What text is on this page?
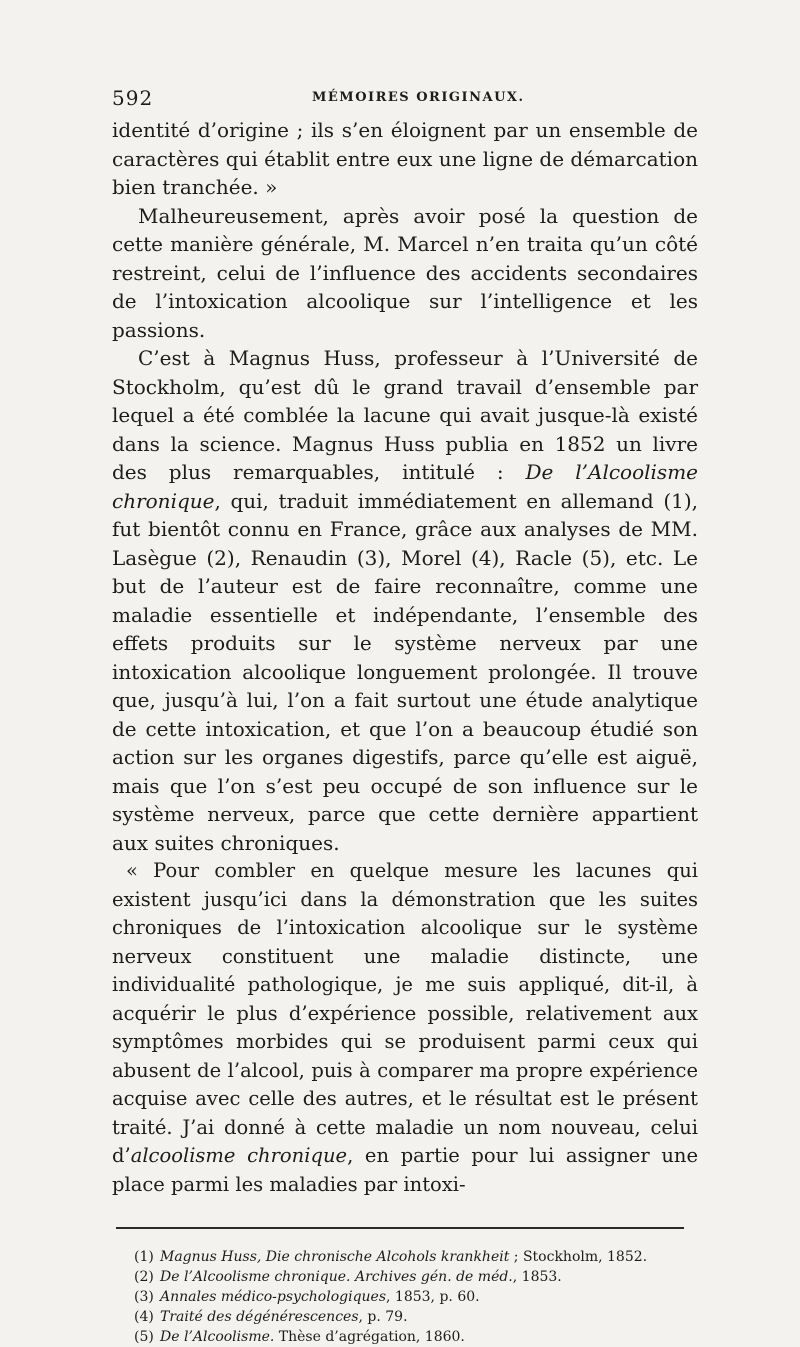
592	MÉMOIRES ORIGINAUX.

identité d’origine ; ils s’en éloignent par un ensemble de caractères qui établit entre eux une ligne de démarcation bien tranchée. »

Malheureusement, après avoir posé la question de cette manière générale, M. Marcel n’en traita qu’un côté restreint, celui de l’influence des accidents secondaires de l’intoxication alcoolique sur l’intelligence et les passions.

C’est à Magnus Huss, professeur à l’Université de Stockholm, qu’est dû le grand travail d’ensemble par lequel a été comblée la lacune qui avait jusque-là existé dans la science. Magnus Huss publia en 1852 un livre des plus remarquables, intitulé : De l’Alcoolisme chronique, qui, traduit immédiatement en allemand (1), fut bientôt connu en France, grâce aux analyses de MM. Lasègue (2), Renaudin (3), Morel (4), Racle (5), etc. Le but de l’auteur est de faire reconnaître, comme une maladie essentielle et indépendante, l’ensemble des effets produits sur le système nerveux par une intoxication alcoolique longuement prolongée. Il trouve que, jusqu’à lui, l’on a fait surtout une étude analytique de cette intoxication, et que l’on a beaucoup étudié son action sur les organes digestifs, parce qu’elle est aiguë, mais que l’on s’est peu occupé de son influence sur le système nerveux, parce que cette dernière appartient aux suites chroniques.

« Pour combler en quelque mesure les lacunes qui existent jusqu’ici dans la démonstration que les suites chroniques de l’intoxication alcoolique sur le système nerveux constituent une maladie distincte, une individualité pathologique, je me suis appliqué, dit-il, à acquérir le plus d’expérience possible, relativement aux symptômes morbides qui se produisent parmi ceux qui abusent de l’alcool, puis à comparer ma propre expérience acquise avec celle des autres, et le résultat est le présent traité. J’ai donné à cette maladie un nom nouveau, celui d’alcoolisme chronique, en partie pour lui assigner une place parmi les maladies par intoxi-

(1) Magnus Huss, Die chronische Alcohols krankheit ; Stockholm, 1852.
(2) De l’Alcoolisme chronique. Archives gén. de méd., 1853.
(3) Annales médico-psychologiques, 1853, p. 60.
(4) Traité des dégénérescences, p. 79.
(5) De l’Alcoolisme. Thèse d’agrégation, 1860.
